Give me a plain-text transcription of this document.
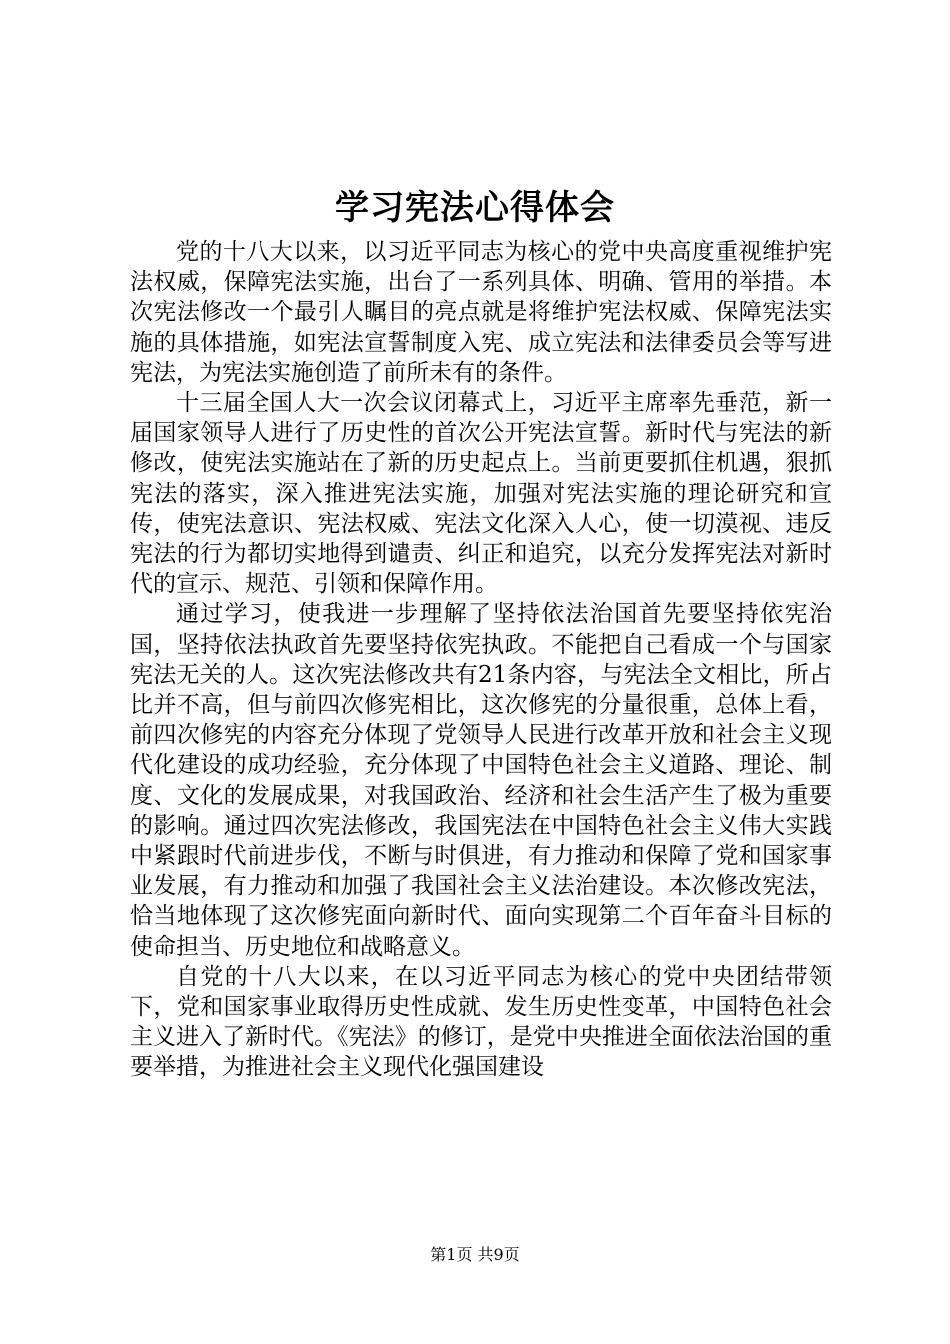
学习宪法心得体会

党的十八大以来，以习近平同志为核心的党中央高度重视维护宪法权威，保障宪法实施，出台了一系列具体、明确、管用的举措。本次宪法修改一个最引人瞩目的亮点就是将维护宪法权威、保障宪法实施的具体措施，如宪法宣誓制度入宪、成立宪法和法律委员会等写进宪法，为宪法实施创造了前所未有的条件。

十三届全国人大一次会议闭幕式上，习近平主席率先垂范，新一届国家领导人进行了历史性的首次公开宪法宣誓。新时代与宪法的新修改，使宪法实施站在了新的历史起点上。当前更要抓住机遇，狠抓宪法的落实，深入推进宪法实施，加强对宪法实施的理论研究和宣传，使宪法意识、宪法权威、宪法文化深入人心，使一切漠视、违反宪法的行为都切实地得到谴责、纠正和追究，以充分发挥宪法对新时代的宣示、规范、引领和保障作用。

通过学习，使我进一步理解了坚持依法治国首先要坚持依宪治国，坚持依法执政首先要坚持依宪执政。不能把自己看成一个与国家宪法无关的人。这次宪法修改共有21条内容，与宪法全文相比，所占比并不高，但与前四次修宪相比，这次修宪的分量很重，总体上看，前四次修宪的内容充分体现了党领导人民进行改革开放和社会主义现代化建设的成功经验，充分体现了中国特色社会主义道路、理论、制度、文化的发展成果，对我国政治、经济和社会生活产生了极为重要的影响。通过四次宪法修改，我国宪法在中国特色社会主义伟大实践中紧跟时代前进步伐，不断与时俱进，有力推动和保障了党和国家事业发展，有力推动和加强了我国社会主义法治建设。本次修改宪法，恰当地体现了这次修宪面向新时代、面向实现第二个百年奋斗目标的使命担当、历史地位和战略意义。

自党的十八大以来，在以习近平同志为核心的党中央团结带领下，党和国家事业取得历史性成就、发生历史性变革，中国特色社会主义进入了新时代。《宪法》的修订，是党中央推进全面依法治国的重要举措，为推进社会主义现代化强国建设

第1页 共9页
